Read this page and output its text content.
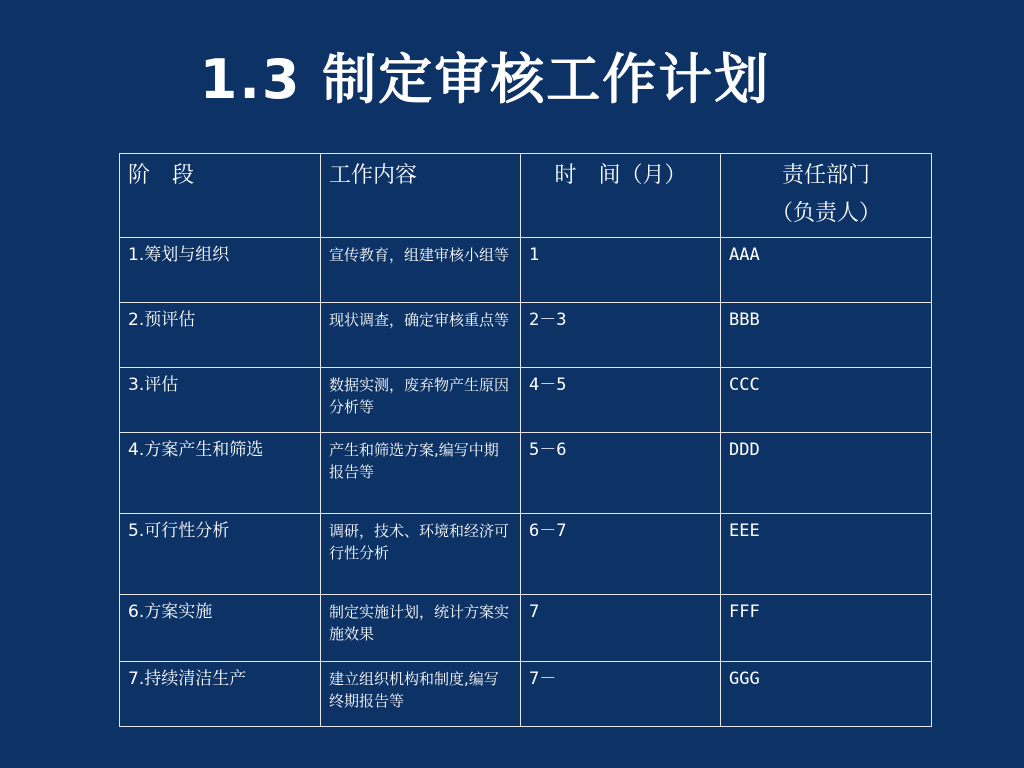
1.3 制定审核工作计划
阶　段	工作内容	时　间（月）	责任部门
（负责人）

1.筹划与组织	宣传教育，组建审核小组等	1	AAA
2.预评估	现状调查，确定审核重点等	2－3	BBB
3.评估	数据实测，废弃物产生原因分析等	4－5	CCC
4.方案产生和筛选	产生和筛选方案,编写中期报告等	5－6	DDD
5.可行性分析	调研，技术、环境和经济可行性分析	6－7	EEE
6.方案实施	制定实施计划，统计方案实施效果	7	FFF
7.持续清洁生产	建立组织机构和制度,编写终期报告等	7－	GGG
